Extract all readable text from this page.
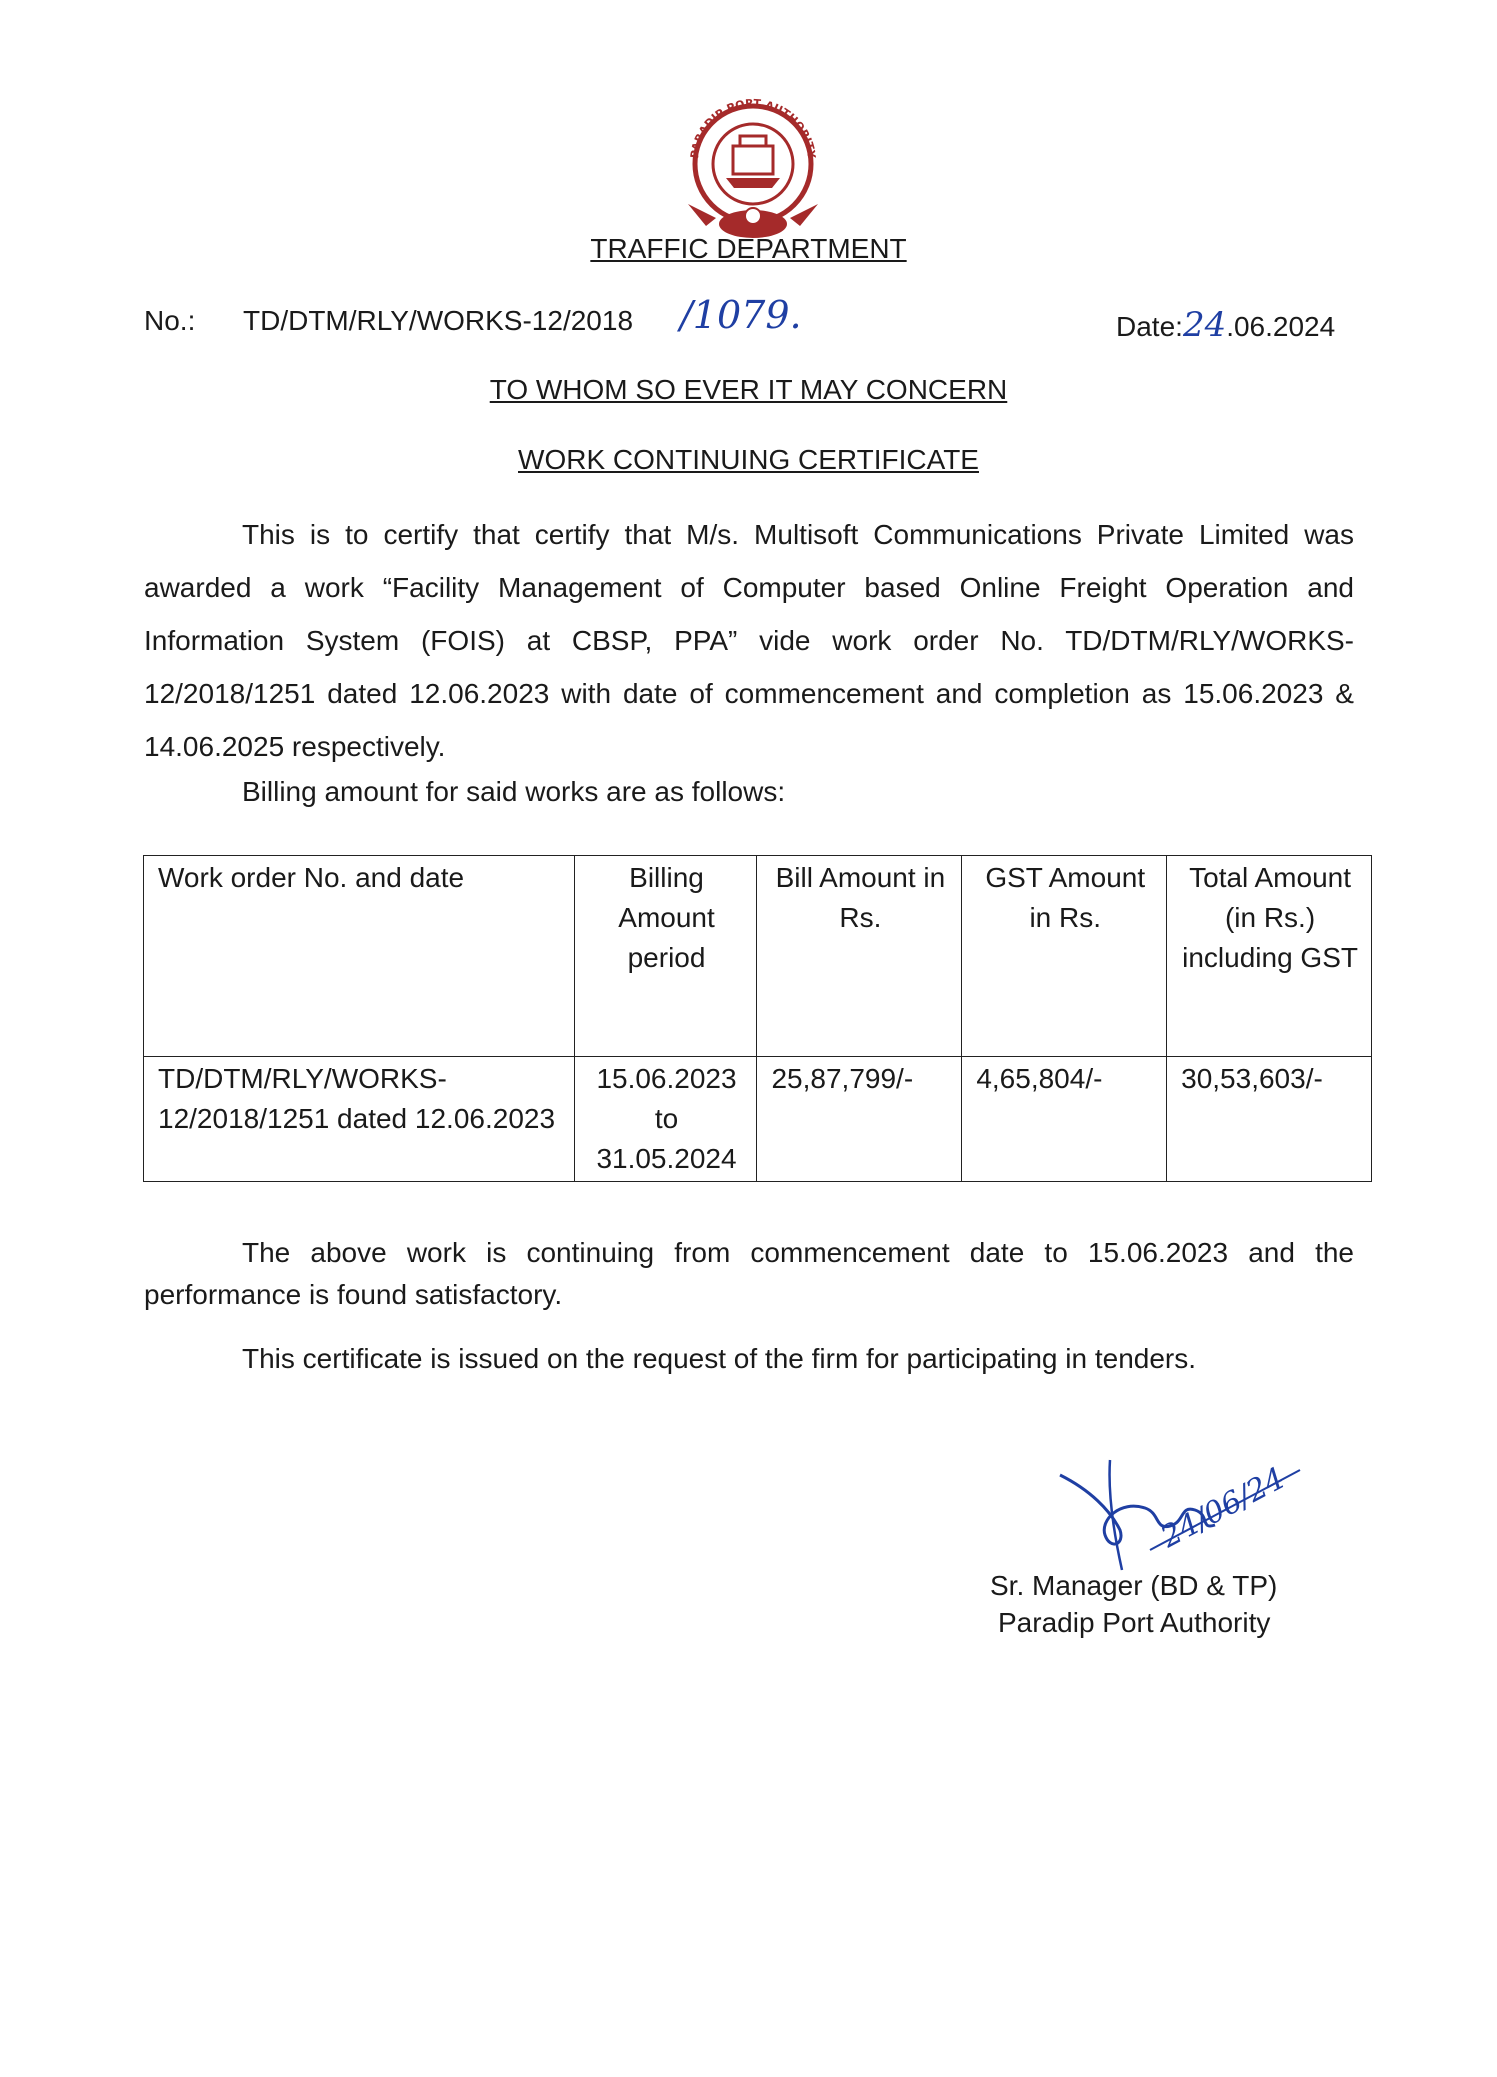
PARADIP PORT AUTHORITY
TRAFFIC DEPARTMENT
No.: TD/DTM/RLY/WORKS-12/2018 /1079.	Date:24.06.2024
TO WHOM SO EVER IT MAY CONCERN
WORK CONTINUING CERTIFICATE
This is to certify that certify that M/s. Multisoft Communications Private Limited was awarded a work “Facility Management of Computer based Online Freight Operation and Information System (FOIS) at CBSP, PPA” vide work order No. TD/DTM/RLY/WORKS-12/2018/1251 dated 12.06.2023 with date of commencement and completion as 15.06.2023 & 14.06.2025 respectively.
Billing amount for said works are as follows:
Work order No. and date	Billing Amount period	Bill Amount in Rs.	GST Amount in Rs.	Total Amount (in Rs.) including GST
TD/DTM/RLY/WORKS-12/2018/1251 dated 12.06.2023	15.06.2023 to 31.05.2024	25,87,799/-	4,65,804/-	30,53,603/-
The above work is continuing from commencement date to 15.06.2023 and the performance is found satisfactory.
This certificate is issued on the request of the firm for participating in tenders.
24/06/24
Sr. Manager (BD & TP)
Paradip Port Authority
